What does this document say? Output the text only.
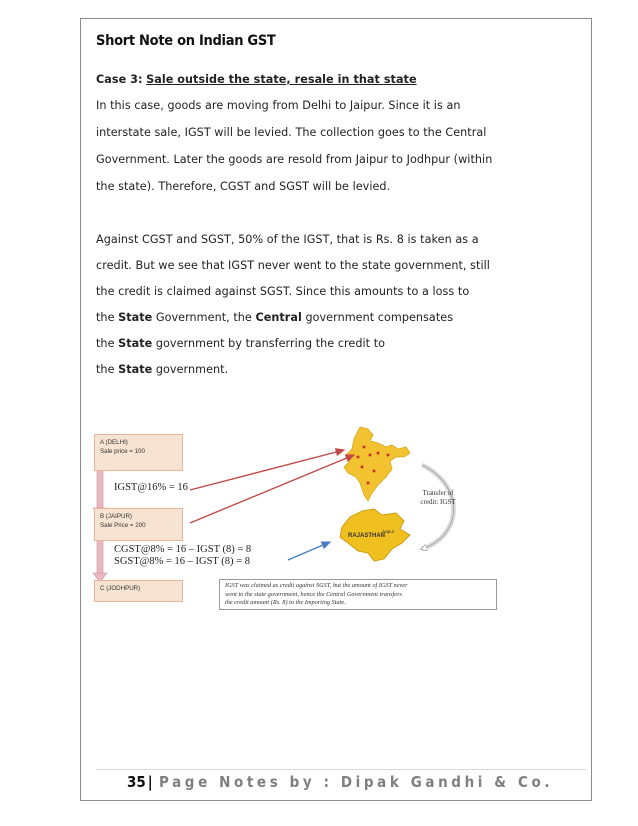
Short Note on Indian GST
Case 3: Sale outside the state, resale in that state
In this case, goods are moving from Delhi to Jaipur. Since it is an
interstate sale, IGST will be levied. The collection goes to the Central
Government. Later the goods are resold from Jaipur to Jodhpur (within
the state). Therefore, CGST and SGST will be levied.
Against CGST and SGST, 50% of the IGST, that is Rs. 8 is taken as a
credit. But we see that IGST never went to the state government, still
the credit is claimed against SGST. Since this amounts to a loss to
the State Government, the Central government compensates
the State government by transferring the credit to
the State government.
A (DELHI)
Sale price = 100
IGST@16% = 16
B (JAIPUR)
Sale Price = 200
CGST@8% = 16 – IGST (8) = 8
SGST@8% = 16 – IGST (8) = 8
C (JODHPUR)
Transfer of
credit: IGST
Jaipur
RAJASTHAN
IGST was claimed as credit against SGST, but the amount of IGST never
went to the state government, hence the Central Government transfers
the credit amount (Rs. 8) to the Importing State.
35 | Page Notes by : Dipak Gandhi & Co.
